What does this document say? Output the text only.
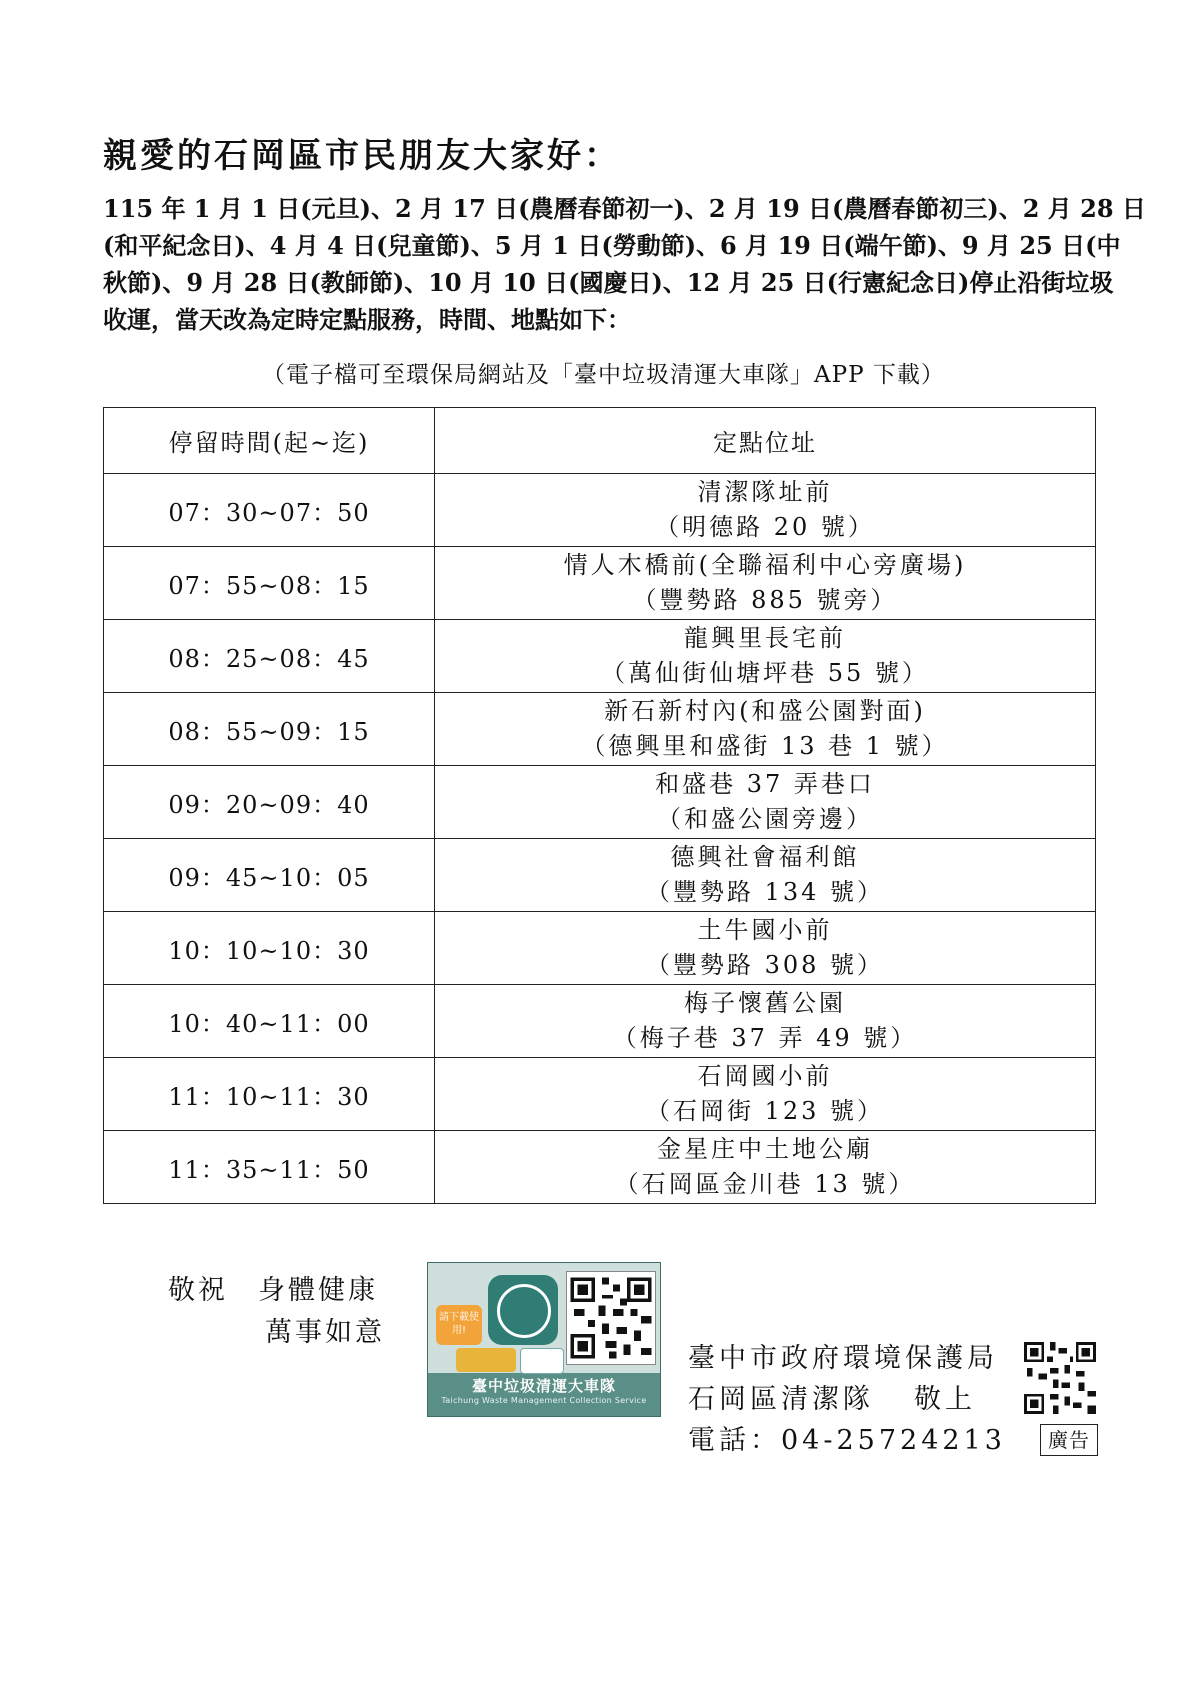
親愛的石岡區市民朋友大家好：
115 年 1 月 1 日(元旦)、2 月 17 日(農曆春節初一)、2 月 19 日(農曆春節初三)、2 月 28 日
(和平紀念日)、4 月 4 日(兒童節)、5 月 1 日(勞動節)、6 月 19 日(端午節)、9 月 25 日(中
秋節)、9 月 28 日(教師節)、10 月 10 日(國慶日)、12 月 25 日(行憲紀念日)停止沿街垃圾
收運，當天改為定時定點服務，時間、地點如下：
（電子檔可至環保局網站及「臺中垃圾清運大車隊」APP 下載）
停留時間(起~迄)	定點位址
07：30~07：50	清潔隊址前
（明德路 20 號）

07：55~08：15	情人木橋前(全聯福利中心旁廣場)
（豐勢路 885 號旁）

08：25~08：45	龍興里長宅前
（萬仙街仙塘坪巷 55 號）

08：55~09：15	新石新村內(和盛公園對面)
（德興里和盛街 13 巷 1 號）

09：20~09：40	和盛巷 37 弄巷口
（和盛公園旁邊）

09：45~10：05	德興社會福利館
（豐勢路 134 號）

10：10~10：30	土牛國小前
（豐勢路 308 號）

10：40~11：00	梅子懷舊公園
（梅子巷 37 弄 49 號）

11：10~11：30	石岡國小前
（石岡街 123 號）

11：35~11：50	金星庄中土地公廟
（石岡區金川巷 13 號）
敬祝 身體健康
萬事如意	請下載使用!
臺中垃圾清運大車隊
Taichung Waste Management Collection Service
臺中市政府環境保護局
石岡區清潔隊 敬上
電話：04-25724213	廣告
